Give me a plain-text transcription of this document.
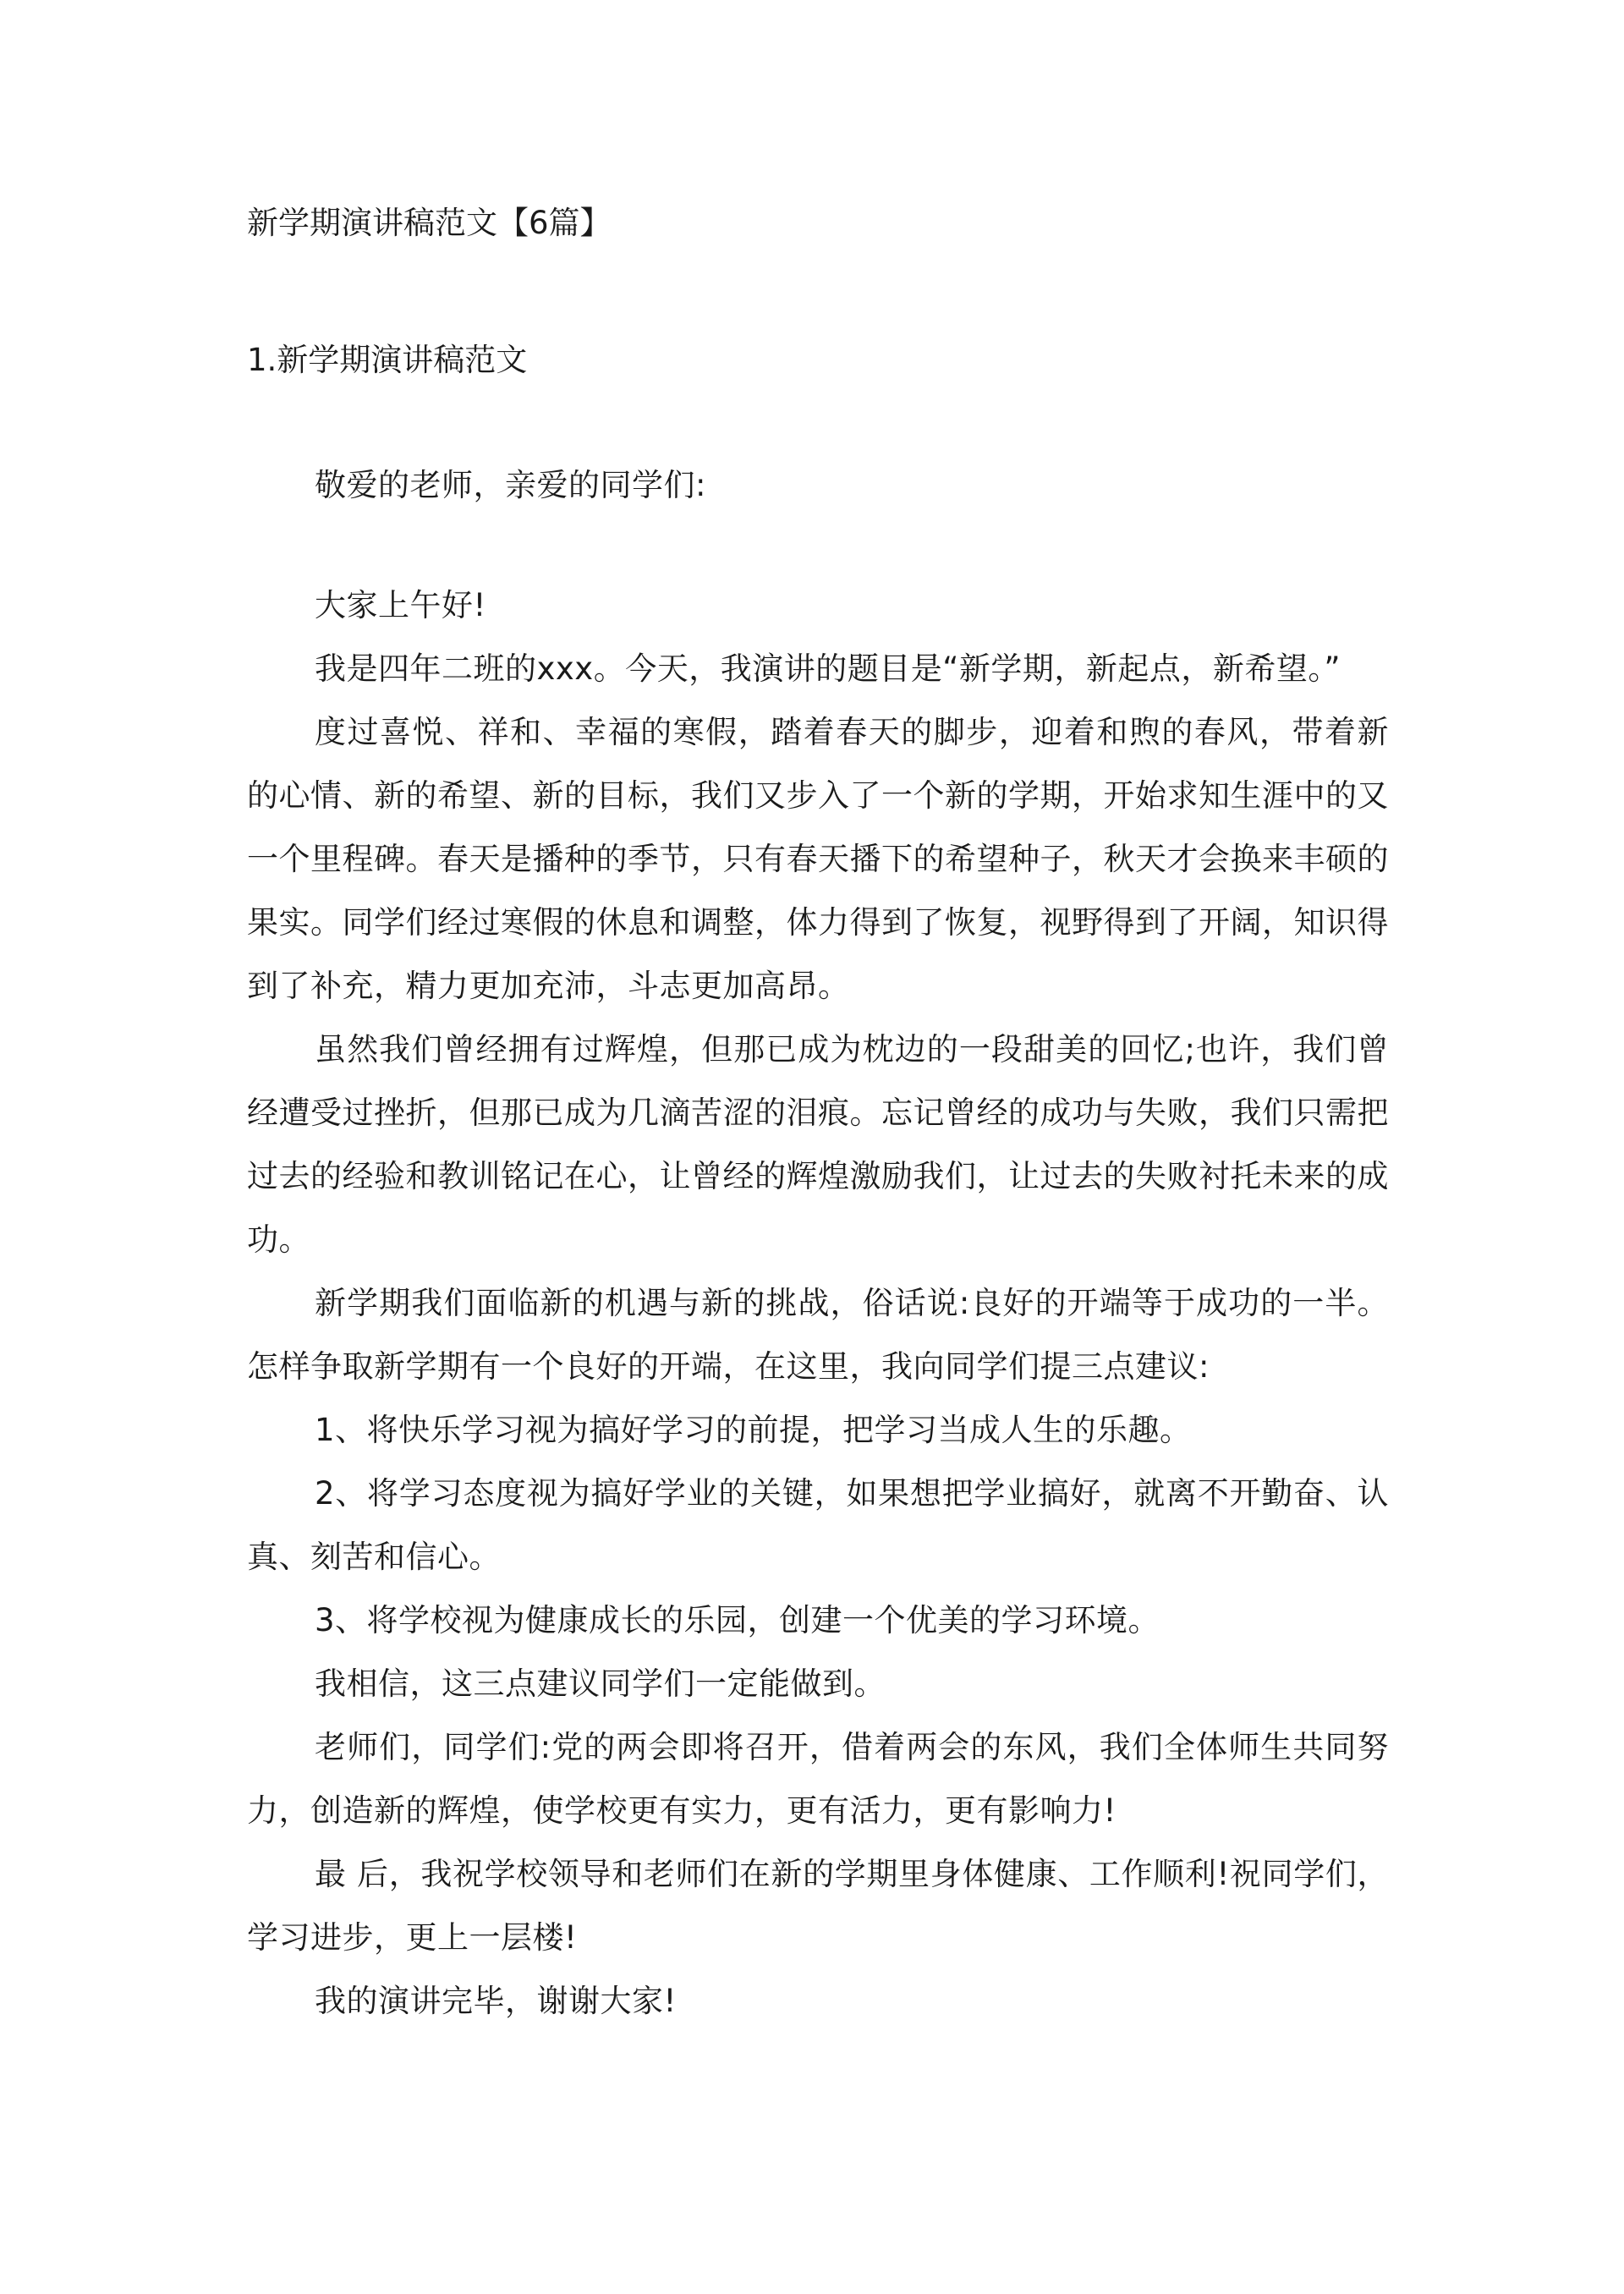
新学期演讲稿范文【6篇】
1.新学期演讲稿范文

敬爱的老师，亲爱的同学们:

大家上午好!

我是四年二班的xxx。今天，我演讲的题目是“新学期，新起点，新希望。”

度过喜悦、祥和、幸福的寒假，踏着春天的脚步，迎着和煦的春风，带着新的心情、新的希望、新的目标，我们又步入了一个新的学期，开始求知生涯中的又一个里程碑。春天是播种的季节，只有春天播下的希望种子，秋天才会换来丰硕的果实。同学们经过寒假的休息和调整，体力得到了恢复，视野得到了开阔，知识得到了补充，精力更加充沛，斗志更加高昂。

虽然我们曾经拥有过辉煌，但那已成为枕边的一段甜美的回忆;也许，我们曾经遭受过挫折，但那已成为几滴苦涩的泪痕。忘记曾经的成功与失败，我们只需把过去的经验和教训铭记在心，让曾经的辉煌激励我们，让过去的失败衬托未来的成功。

新学期我们面临新的机遇与新的挑战，俗话说:良好的开端等于成功的一半。怎样争取新学期有一个良好的开端，在这里，我向同学们提三点建议:

1、将快乐学习视为搞好学习的前提，把学习当成人生的乐趣。

2、将学习态度视为搞好学业的关键，如果想把学业搞好，就离不开勤奋、认真、刻苦和信心。

3、将学校视为健康成长的乐园，创建一个优美的学习环境。

我相信，这三点建议同学们一定能做到。

老师们，同学们:党的两会即将召开，借着两会的东风，我们全体师生共同努力，创造新的辉煌，使学校更有实力，更有活力，更有影响力!

最 后，我祝学校领导和老师们在新的学期里身体健康、工作顺利!祝同学们，学习进步，更上一层楼!

我的演讲完毕，谢谢大家!
